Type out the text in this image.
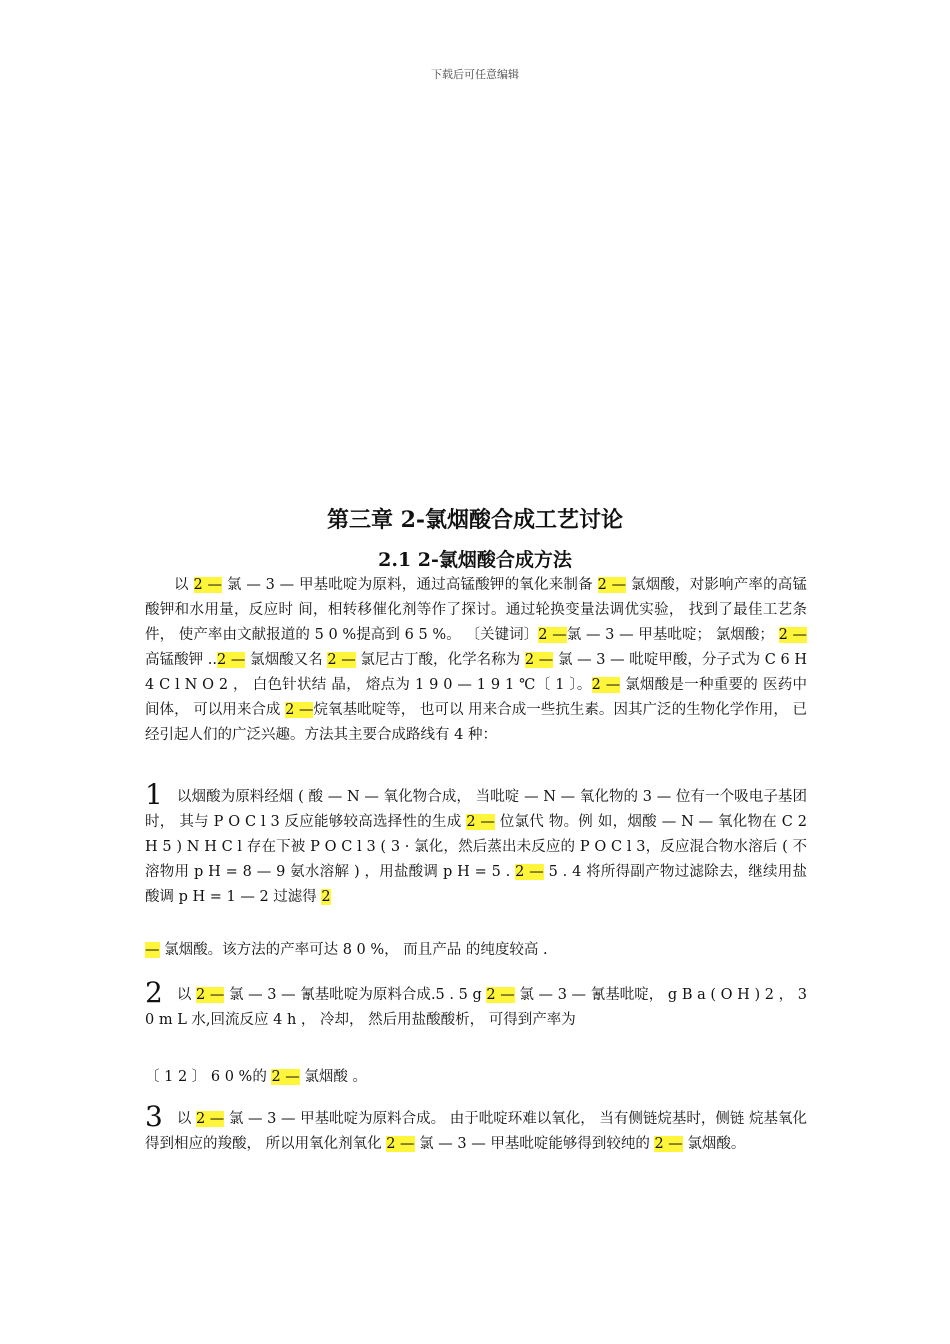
下载后可任意编辑
第三章 2-氯烟酸合成工艺讨论
2.1 2-氯烟酸合成方法

以 2 — 氯 — 3 — 甲基吡啶为原料，通过高锰酸钾的氧化来制备 2 — 氯烟酸，对影响产率的高锰酸钾和水用量，反应时 间，相转移催化剂等作了探讨。通过轮换变量法调优实验， 找到了最佳工艺条件， 使产率由文献报道的 5 0 %提高到 6 5 %。 〔关键词〕2 —氯 — 3 — 甲基吡啶； 氯烟酸； 2 — 高锰酸钾 ..2 — 氯烟酸又名 2 — 氯尼古丁酸，化学名称为 2 — 氯 — 3 — 吡啶甲酸，分子式为 C 6 H 4 C l N O 2 ， 白色针状结 晶， 熔点为 1 9 0 — 1 9 1 ℃〔 1 〕。2 — 氯烟酸是一种重要的 医药中间体， 可以用来合成 2 —烷氧基吡啶等， 也可以 用来合成一些抗生素。因其广泛的生物化学作用， 已 经引起人们的广泛兴趣。方法其主要合成路线有 4 种：

1 以烟酸为原料经烟 ( 酸 — N — 氧化物合成， 当吡啶 — N — 氧化物的 3 — 位有一个吸电子基团时， 其与 P O C l 3 反应能够较高选择性的生成 2 — 位氯代 物。例 如，烟酸 — N — 氧化物在 C 2 H 5 ) N H C l 存在下被 P O C l 3 ( 3 · 氯化，然后蒸出未反应的 P O C l 3，反应混合物水溶后 ( 不溶物用 p H = 8 — 9 氨水溶解 ) ，用盐酸调 p H = 5 . 2 — 5 . 4 将所得副产物过滤除去，继续用盐酸调 p H = 1 — 2 过滤得 2

— 氯烟酸。该方法的产率可达 8 0 %， 而且产品 的纯度较高 .

2 以 2 — 氯 — 3 — 氰基吡啶为原料合成.5 . 5 g 2 — 氯 — 3 — 氰基吡啶， g B a ( O H ) 2 ， 3 0 m L 水,回流反应 4 h ， 冷却， 然后用盐酸酸析， 可得到产率为

〔 1 2 〕 6 0 %的 2 — 氯烟酸 。

3 以 2 — 氯 — 3 — 甲基吡啶为原料合成。 由于吡啶环难以氧化， 当有侧链烷基时，侧链 烷基氧化得到相应的羧酸， 所以用氧化剂氧化 2 — 氯 — 3 — 甲基吡啶能够得到较纯的 2 — 氯烟酸。
